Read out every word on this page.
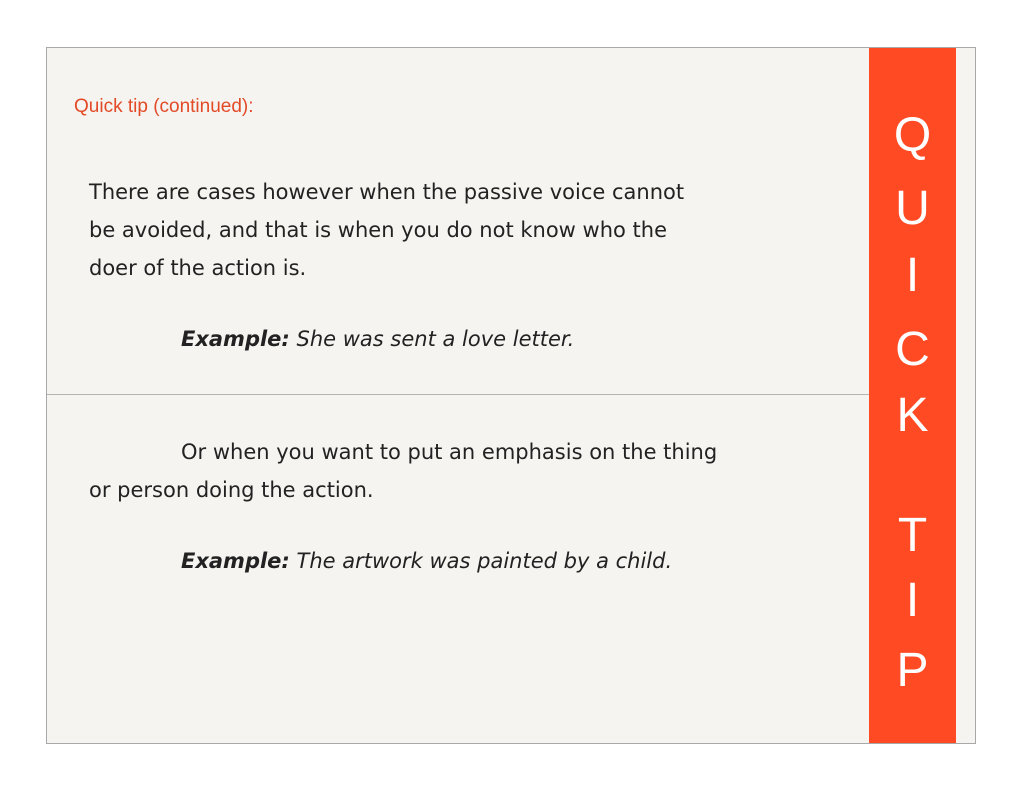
Quick tip (continued):

There are cases however when the passive voice cannot
be avoided, and that is when you do not know who the
doer of the action is.

Example: She was sent a love letter.

Or when you want to put an emphasis on the thing
or person doing the action.

Example: The artwork was painted by a child.

Q
U
I
C
K
T
I
P
